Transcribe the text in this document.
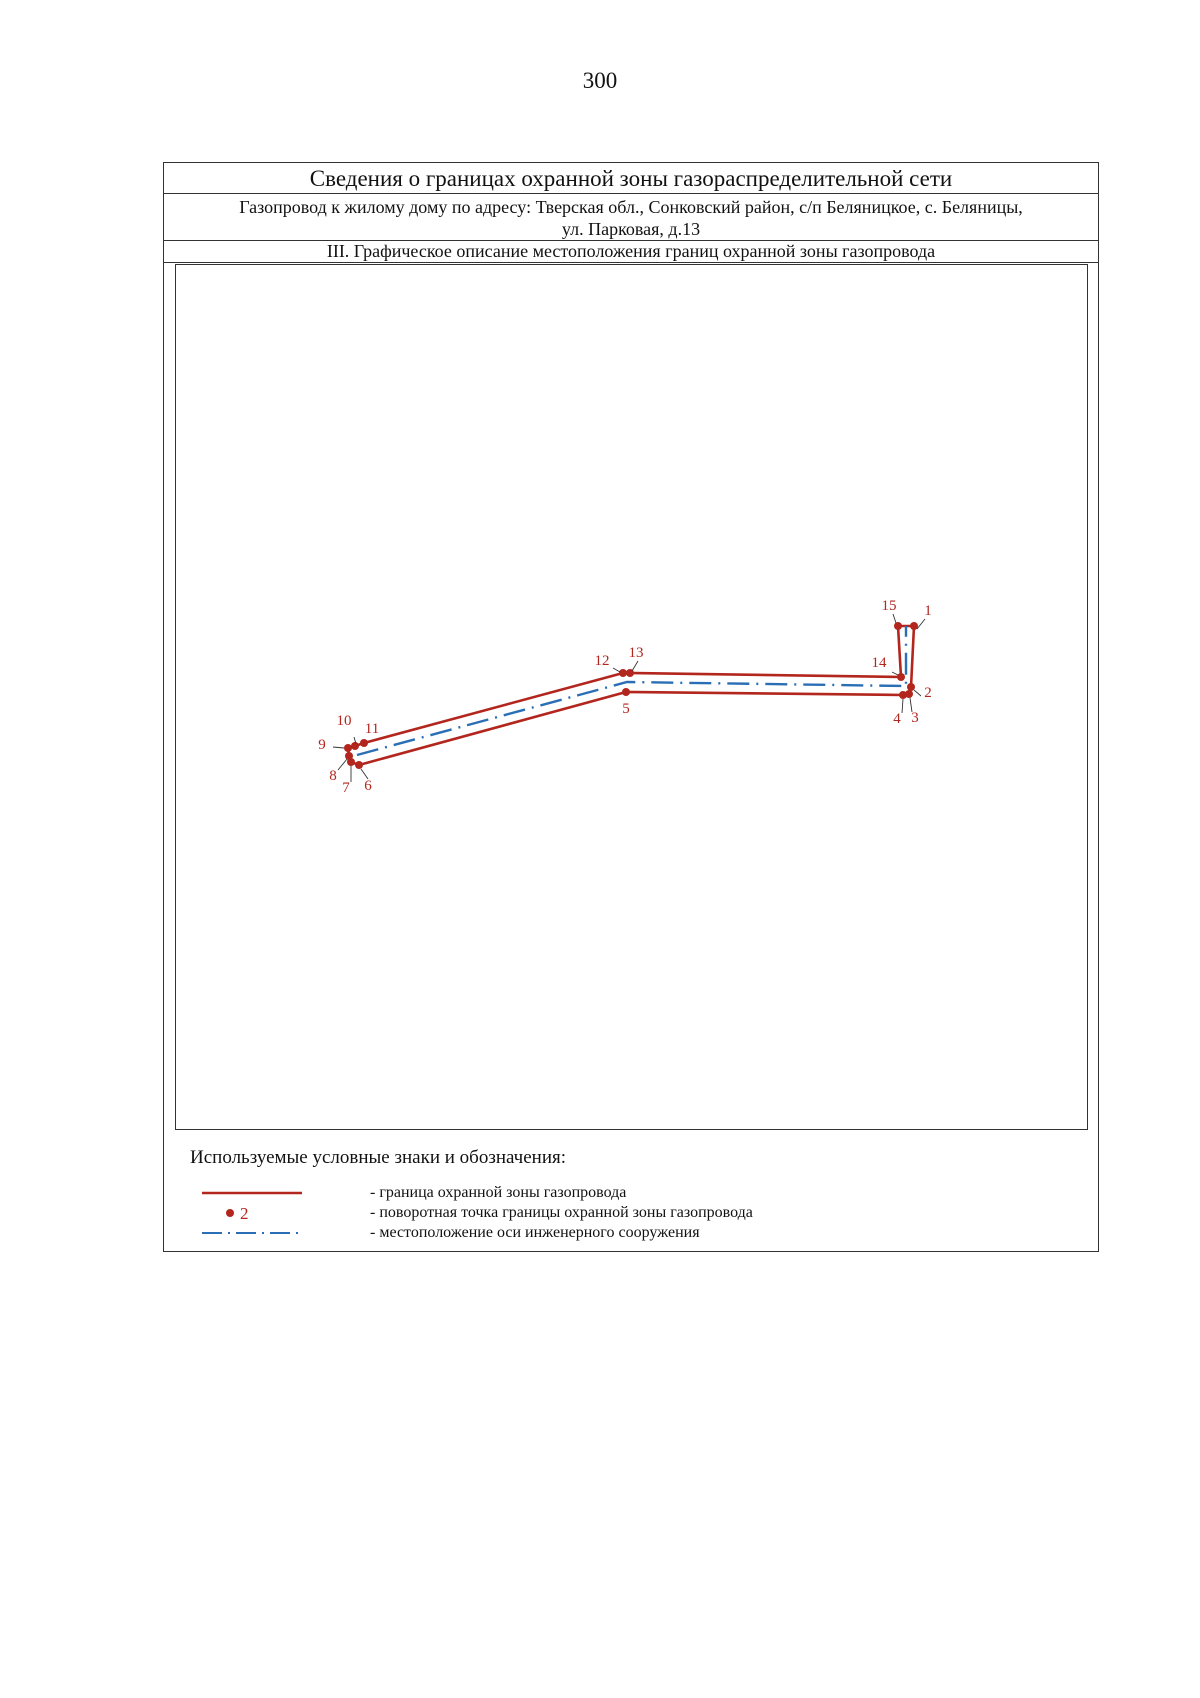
300
Сведения о границах охранной зоны газораспределительной сети
Газопровод к жилому дому по адресу: Тверская обл., Сонковский район, с/п Беляницкое, с. Беляницы,
ул. Парковая, д.13
III. Графическое описание местоположения границ охранной зоны газопровода
1
2
3
4
5
6
7
8
9
10 11
12 13
14
15
Используемые условные знаки и обозначения:
- граница охранной зоны газопровода
2	- поворотная точка границы охранной зоны газопровода
- местоположение оси инженерного сооружения
